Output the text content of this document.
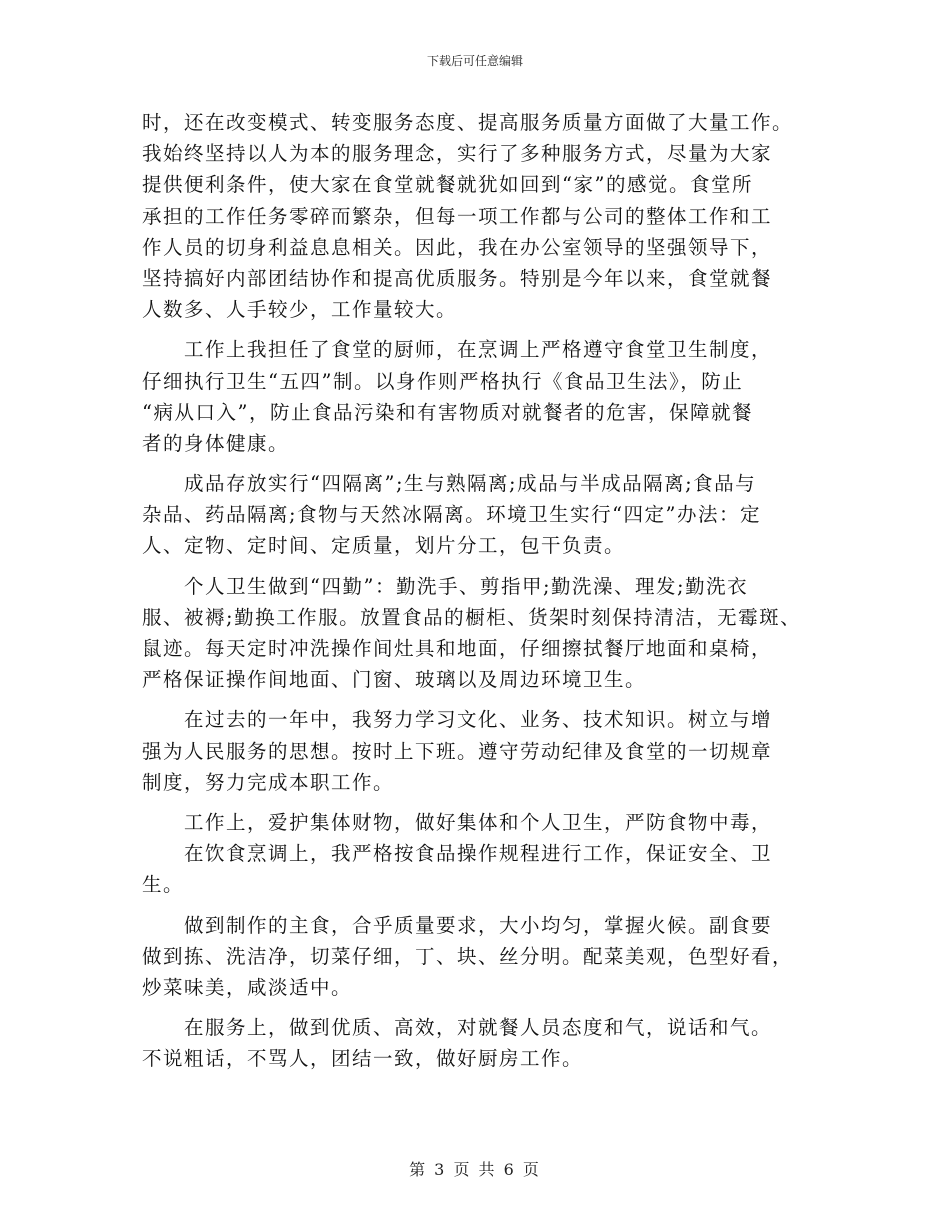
下载后可任意编辑

时，还在改变模式、转变服务态度、提高服务质量方面做了大量工作。
我始终坚持以人为本的服务理念，实行了多种服务方式，尽量为大家
提供便利条件，使大家在食堂就餐就犹如回到“家”的感觉。食堂所
承担的工作任务零碎而繁杂，但每一项工作都与公司的整体工作和工
作人员的切身利益息息相关。因此，我在办公室领导的坚强领导下，
坚持搞好内部团结协作和提高优质服务。特别是今年以来，食堂就餐
人数多、人手较少，工作量较大。

　　工作上我担任了食堂的厨师，在烹调上严格遵守食堂卫生制度，
仔细执行卫生“五四”制。以身作则严格执行《食品卫生法》，防止
“病从口入”，防止食品污染和有害物质对就餐者的危害，保障就餐
者的身体健康。

　　成品存放实行“四隔离”;生与熟隔离;成品与半成品隔离;食品与
杂品、药品隔离;食物与天然冰隔离。环境卫生实行“四定”办法：定
人、定物、定时间、定质量，划片分工，包干负责。

　　个人卫生做到“四勤”：勤洗手、剪指甲;勤洗澡、理发;勤洗衣
服、被褥;勤换工作服。放置食品的橱柜、货架时刻保持清洁，无霉斑、
鼠迹。每天定时冲洗操作间灶具和地面，仔细擦拭餐厅地面和桌椅，
严格保证操作间地面、门窗、玻璃以及周边环境卫生。

　　在过去的一年中，我努力学习文化、业务、技术知识。树立与增
强为人民服务的思想。按时上下班。遵守劳动纪律及食堂的一切规章
制度，努力完成本职工作。

　　工作上，爱护集体财物，做好集体和个人卫生，严防食物中毒，
　　在饮食烹调上，我严格按食品操作规程进行工作，保证安全、卫
生。

　　做到制作的主食，合乎质量要求，大小均匀，掌握火候。副食要
做到拣、洗洁净，切菜仔细，丁、块、丝分明。配菜美观，色型好看，
炒菜味美，咸淡适中。

　　在服务上，做到优质、高效，对就餐人员态度和气，说话和气。
不说粗话，不骂人，团结一致，做好厨房工作。

第 3 页 共 6 页
